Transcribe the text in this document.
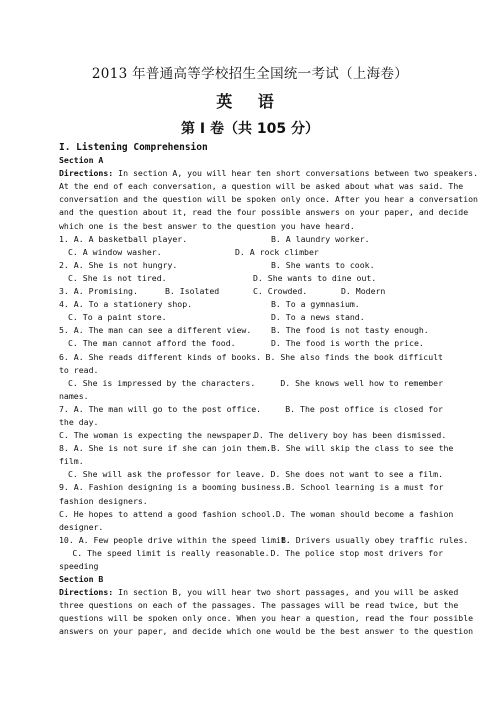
2013 年普通高等学校招生全国统一考试（上海卷）
英 语
第 I 卷（共 105 分）
I. Listening Comprehension
Section A
Directions: In section A, you will hear ten short conversations between two speakers.
At the end of each conversation, a question will be asked about what was said. The
conversation and the question will be spoken only once. After you hear a conversation
and the question about it, read the four possible answers on your paper, and decide
which one is the best answer to the question you have heard.
1. A. A basketball player.	B. A laundry worker.
C. A window washer.	D. A rock climber
2. A. She is not hungry.	B. She wants to cook.
C. She is not tired.	D. She wants to dine out.
3. A. Promising.	B. Isolated	C. Crowded.	D. Modern
4. A. To a stationery shop.	B. To a gymnasium.
C. To a paint store.	D. To a news stand.
5. A. The man can see a different view.	B. The food is not tasty enough.
C. The man cannot afford the food.	D. The food is worth the price.
6. A. She reads different kinds of books. B. She also finds the book difficult
to read.
C. She is impressed by the characters.	D. She knows well how to remember
names.
7. A. The man will go to the post office.	B. The post office is closed for
the day.
C. The woman is expecting the newspaper.
D. The delivery boy has been dismissed.
8. A. She is not sure if she can join them. B. She will skip the class to see the
film.
C. She will ask the professor for leave. D. She does not want to see a film.
9. A. Fashion designing is a booming business. B. School learning is a must for
fashion designers.
C. He hopes to attend a good fashion school. D. The woman should become a fashion
designer.
10. A. Few people drive within the speed limit.
B. Drivers usually obey traffic rules.
C. The speed limit is really reasonable. D. The police stop most drivers for
speeding
Section B
Directions: In section B, you will hear two short passages, and you will be asked
three questions on each of the passages. The passages will be read twice, but the
questions will be spoken only once. When you hear a question, read the four possible
answers on your paper, and decide which one would be the best answer to the question
